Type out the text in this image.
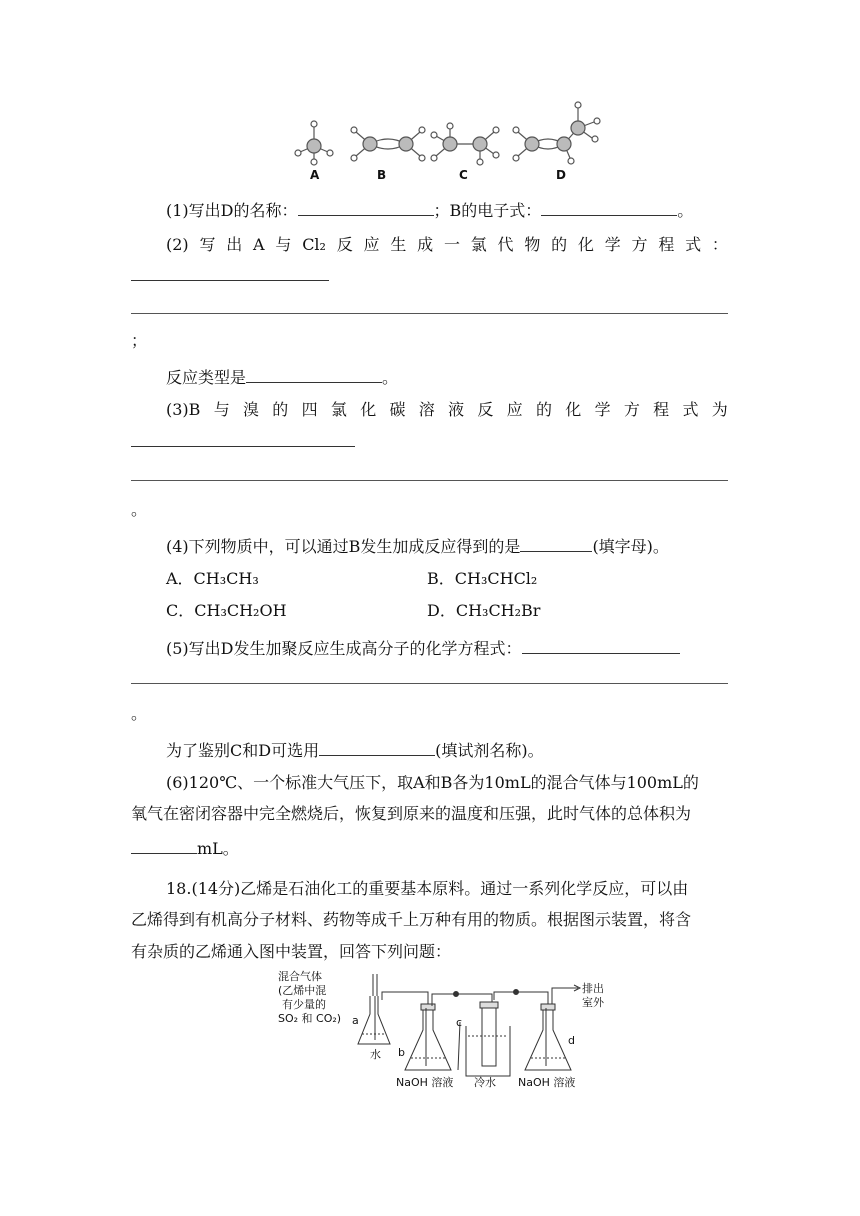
A	B	C	D
(1)写出D的名称：	；B的电子式：	。
(2) 写 出 A 与 Cl₂ 反 应 生 成 一 氯 代 物 的 化 学 方 程 式 ：
；
反应类型是	。
(3)B 与 溴 的 四 氯 化 碳 溶 液 反 应 的 化 学 方 程 式 为
。
(4)下列物质中，可以通过B发生加成反应得到的是	(填字母)。
A．CH₃CH₃	B．CH₃CHCl₂
C．CH₃CH₂OH	D．CH₃CH₂Br
(5)写出D发生加聚反应生成高分子的化学方程式：
。
为了鉴别C和D可选用	(填试剂名称)。
(6)120℃、一个标准大气压下，取A和B各为10mL的混合气体与100mL的
氧气在密闭容器中完全燃烧后，恢复到原来的温度和压强，此时气体的总体积为
mL。
18.(14分)乙烯是石油化工的重要基本原料。通过一系列化学反应，可以由
乙烯得到有机高分子材料、药物等成千上万种有用的物质。根据图示装置，将含
有杂质的乙烯通入图中装置，回答下列问题：
混合气体
(乙烯中混
有少量的
SO₂ 和 CO₂) a
b
c
d
水
NaOH 溶液 冷水 NaOH 溶液
排出
室外
